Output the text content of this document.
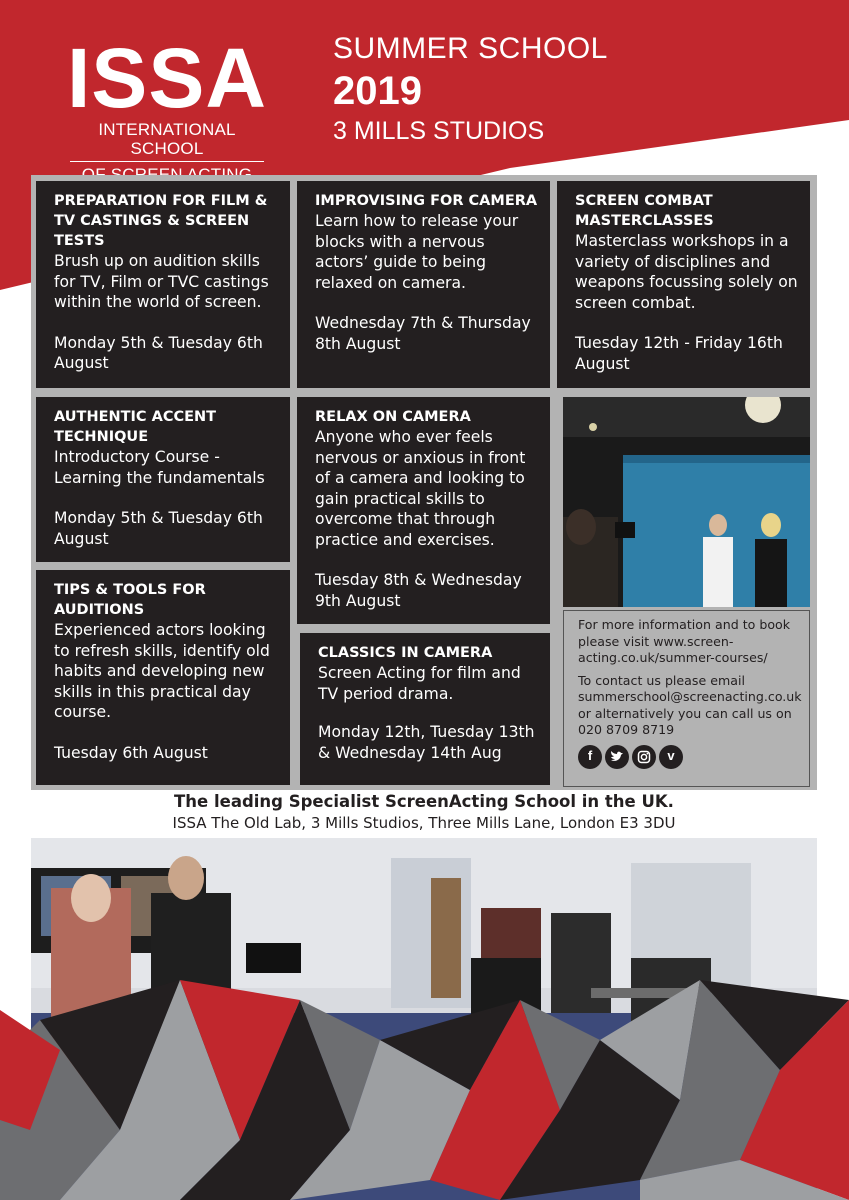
ISSA
INTERNATIONAL SCHOOL
SUMMER SCHOOL
2019
3 MILLS STUDIOS
PREPARATION FOR FILM & TV CASTINGS & SCREEN TESTS
Brush up on audition skills for TV, Film or TVC castings within the world of screen.
Monday 5th & Tuesday 6th August
IMPROVISING FOR CAMERA
Learn how to release your blocks with a nervous actors’ guide to being relaxed on camera.
Wednesday 7th & Thursday 8th August
SCREEN COMBAT MASTERCLASSES
Masterclass workshops in a variety of disciplines and weapons focussing solely on screen combat.
Tuesday 12th - Friday 16th August
AUTHENTIC ACCENT TECHNIQUE
Introductory Course - Learning the fundamentals
Monday 5th & Tuesday 6th August
RELAX ON CAMERA
Anyone who ever feels nervous or anxious in front of a camera and looking to gain practical skills to overcome that through practice and exercises.
Tuesday 8th & Wednesday 9th August
TIPS & TOOLS FOR AUDITIONS
Experienced actors looking to refresh skills, identify old habits and developing new skills in this practical day course.
Tuesday 6th August
CLASSICS IN CAMERA
Screen Acting for film and TV period drama.
Monday 12th, Tuesday 13th & Wednesday 14th Aug

For more information and to book please visit www.screen-acting.co.uk/summer-courses/

To contact us please email summerschool@screenacting.co.uk or alternatively you can call us on 020 8709 8719

f	v
The leading Specialist ScreenActing School in the UK.
ISSA The Old Lab, 3 Mills Studios, Three Mills Lane, London E3 3DU
